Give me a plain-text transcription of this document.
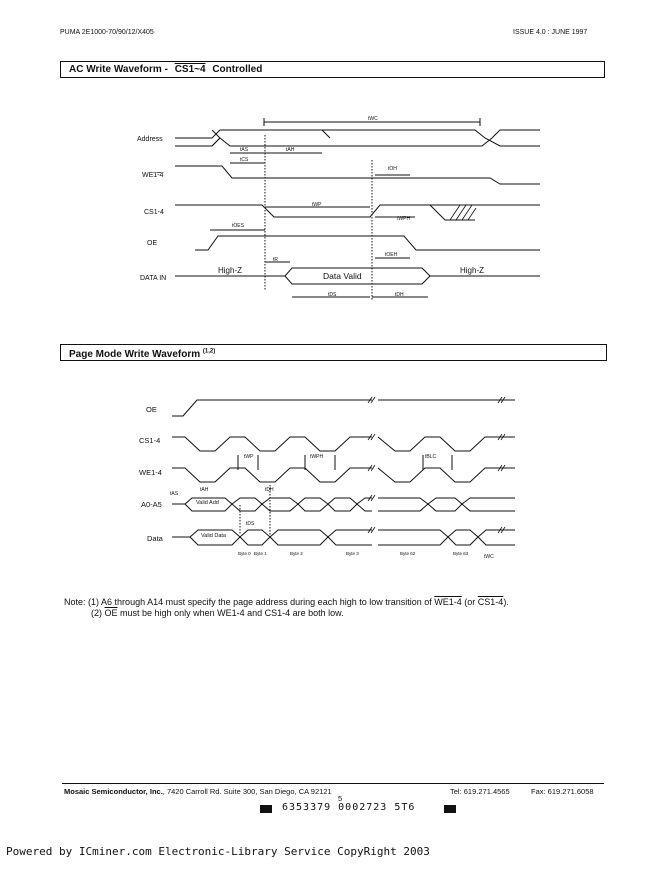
PUMA 2E1000-70/90/12/X405	ISSUE 4.0 : JUNE 1997
AC Write Waveform - CS1~4 Controlled
Address
WE1-4
CS1-4
OE
DATA IN
High-Z	High-Z
Data Valid
tWC
tAS	tAH
tCS
tOH
tWP
tWPH
tOES
tOEH
tR
tDS	tDH
Page Mode Write Waveform $^{(1,2)}$
OE
CS1-4
WE1-4
A0-A5
Data
Valid Add
Valid Data
Byte 0 Byte 1	Byte 2	Byte 3	Byte 62	Byte 63
tWP	tWPH	tBLC
tAS
tAH	tDH
tDS
tWC
Note: (1) A6 through A14 must specify the page address during each high to low transition of WE1-4 (or CS1-4).
(2) $\overline{OE}$ must be high only when WE1-4 and CS1-4 are both low.
Mosaic Semiconductor, Inc., 7420 Carroll Rd. Suite 300, San Diego, CA 92121	Tel: 619.271.4565	Fax: 619.271.6058
5
6353379 0002723 5T6
Powered by ICminer.com Electronic-Library Service CopyRight 2003
